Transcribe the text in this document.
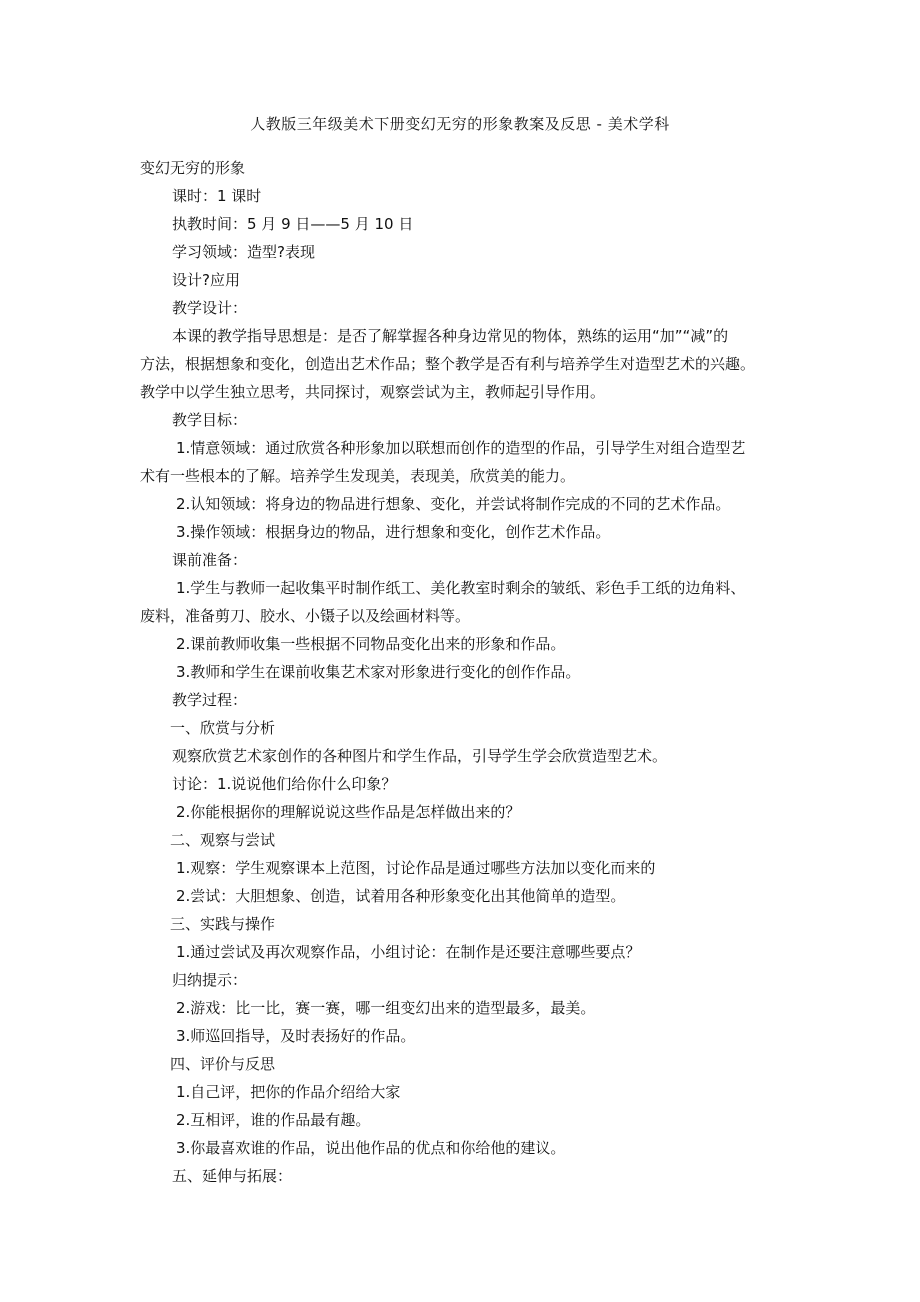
人教版三年级美术下册变幻无穷的形象教案及反思 - 美术学科
变幻无穷的形象
课时：1 课时
执教时间：5 月 9 日——5 月 10 日
学习领域：造型?表现
设计?应用
教学设计：
本课的教学指导思想是：是否了解掌握各种身边常见的物体，熟练的运用“加”“减”的
方法，根据想象和变化，创造出艺术作品；整个教学是否有利与培养学生对造型艺术的兴趣。
教学中以学生独立思考，共同探讨，观察尝试为主，教师起引导作用。
教学目标：
1.情意领域：通过欣赏各种形象加以联想而创作的造型的作品，引导学生对组合造型艺
术有一些根本的了解。培养学生发现美，表现美，欣赏美的能力。
2.认知领域：将身边的物品进行想象、变化，并尝试将制作完成的不同的艺术作品。
3.操作领域：根据身边的物品，进行想象和变化，创作艺术作品。
课前准备：
1.学生与教师一起收集平时制作纸工、美化教室时剩余的皱纸、彩色手工纸的边角料、
废料，准备剪刀、胶水、小镊子以及绘画材料等。
2.课前教师收集一些根据不同物品变化出来的形象和作品。
3.教师和学生在课前收集艺术家对形象进行变化的创作作品。
教学过程：
一、欣赏与分析
观察欣赏艺术家创作的各种图片和学生作品，引导学生学会欣赏造型艺术。
讨论：1.说说他们给你什么印象？
2.你能根据你的理解说说这些作品是怎样做出来的？
二、观察与尝试
1.观察：学生观察课本上范图，讨论作品是通过哪些方法加以变化而来的
2.尝试：大胆想象、创造，试着用各种形象变化出其他简单的造型。
三、实践与操作
1.通过尝试及再次观察作品，小组讨论：在制作是还要注意哪些要点？
归纳提示：
2.游戏：比一比，赛一赛，哪一组变幻出来的造型最多，最美。
3.师巡回指导，及时表扬好的作品。
四、评价与反思
1.自己评，把你的作品介绍给大家
2.互相评，谁的作品最有趣。
3.你最喜欢谁的作品，说出他作品的优点和你给他的建议。
五、延伸与拓展：
